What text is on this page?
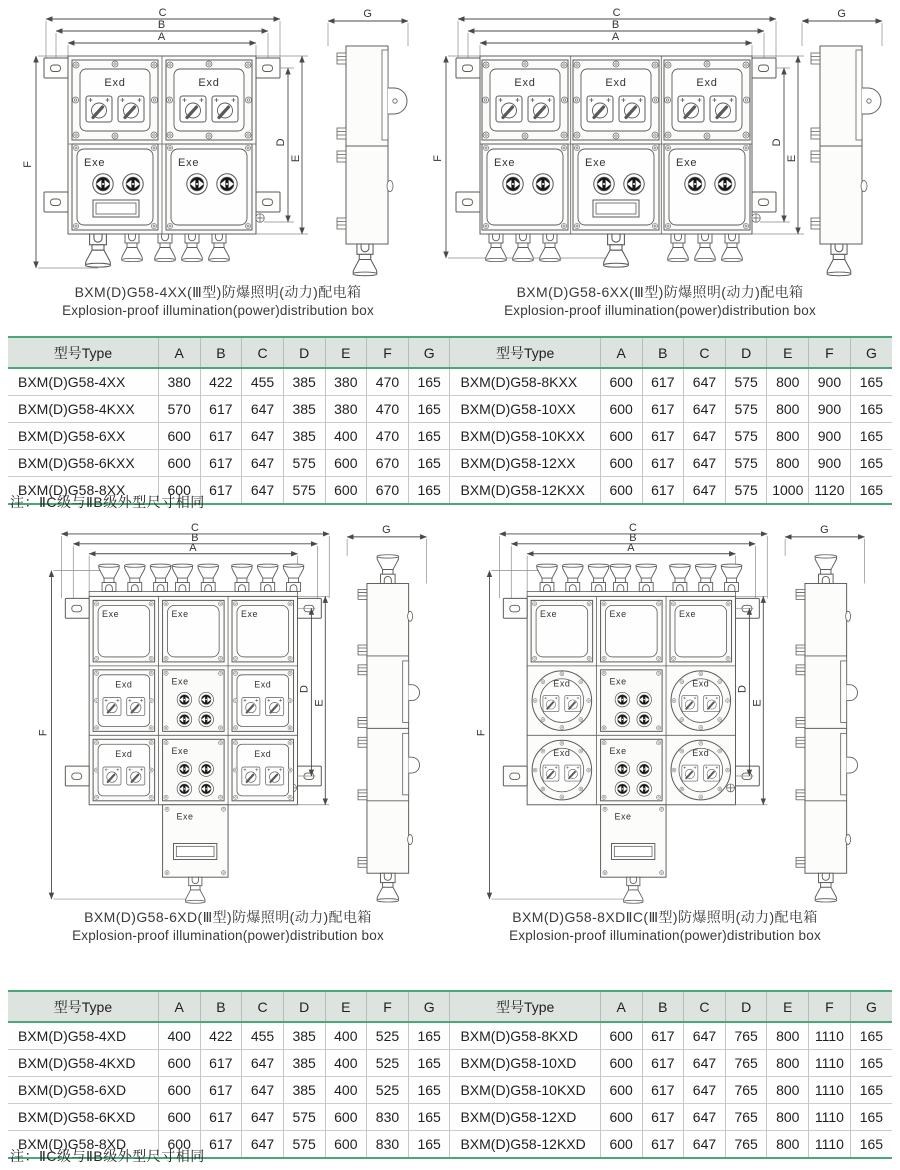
C
B
A
F
D
E
C
B
A
F
D
E
BXM(D)G58-4XX(Ⅲ型)防爆照明(动力)配电箱
Explosion-proof illumination(power)distribution box
BXM(D)G58-6XX(Ⅲ型)防爆照明(动力)配电箱
Explosion-proof illumination(power)distribution box
型号Type	A	B	C	D	E	F	G	型号Type	A	B	C	D	E	F	G
BXM(D)G58-4XX	380	422	455	385	380	470	165	BXM(D)G58-8KXX	600	617	647	575	800	900	165
BXM(D)G58-4KXX	570	617	647	385	380	470	165	BXM(D)G58-10XX	600	617	647	575	800	900	165
BXM(D)G58-6XX	600	617	647	385	400	470	165	BXM(D)G58-10KXX	600	617	647	575	800	900	165
BXM(D)G58-6KXX	600	617	647	575	600	670	165	BXM(D)G58-12XX	600	617	647	575	800	900	165
BXM(D)G58-8XX	600	617	647	575	600	670	165	BXM(D)G58-12KXX	600	617	647	575	1000	1120	165
注：ⅡC级与ⅡB级外型尺寸相同
C
B
A
F
Exe
D
E
C
B
A
F
Exe
D
E
BXM(D)G58-6XD(Ⅲ型)防爆照明(动力)配电箱
Explosion-proof illumination(power)distribution box
BXM(D)G58-8XDⅡC(Ⅲ型)防爆照明(动力)配电箱
Explosion-proof illumination(power)distribution box
型号Type	A	B	C	D	E	F	G	型号Type	A	B	C	D	E	F	G
BXM(D)G58-4XD	400	422	455	385	400	525	165	BXM(D)G58-8KXD	600	617	647	765	800	1110	165
BXM(D)G58-4KXD	600	617	647	385	400	525	165	BXM(D)G58-10XD	600	617	647	765	800	1110	165
BXM(D)G58-6XD	600	617	647	385	400	525	165	BXM(D)G58-10KXD	600	617	647	765	800	1110	165
BXM(D)G58-6KXD	600	617	647	575	600	830	165	BXM(D)G58-12XD	600	617	647	765	800	1110	165
BXM(D)G58-8XD	600	617	647	575	600	830	165	BXM(D)G58-12KXD	600	617	647	765	800	1110	165
注：ⅡC级与ⅡB级外型尺寸相同
